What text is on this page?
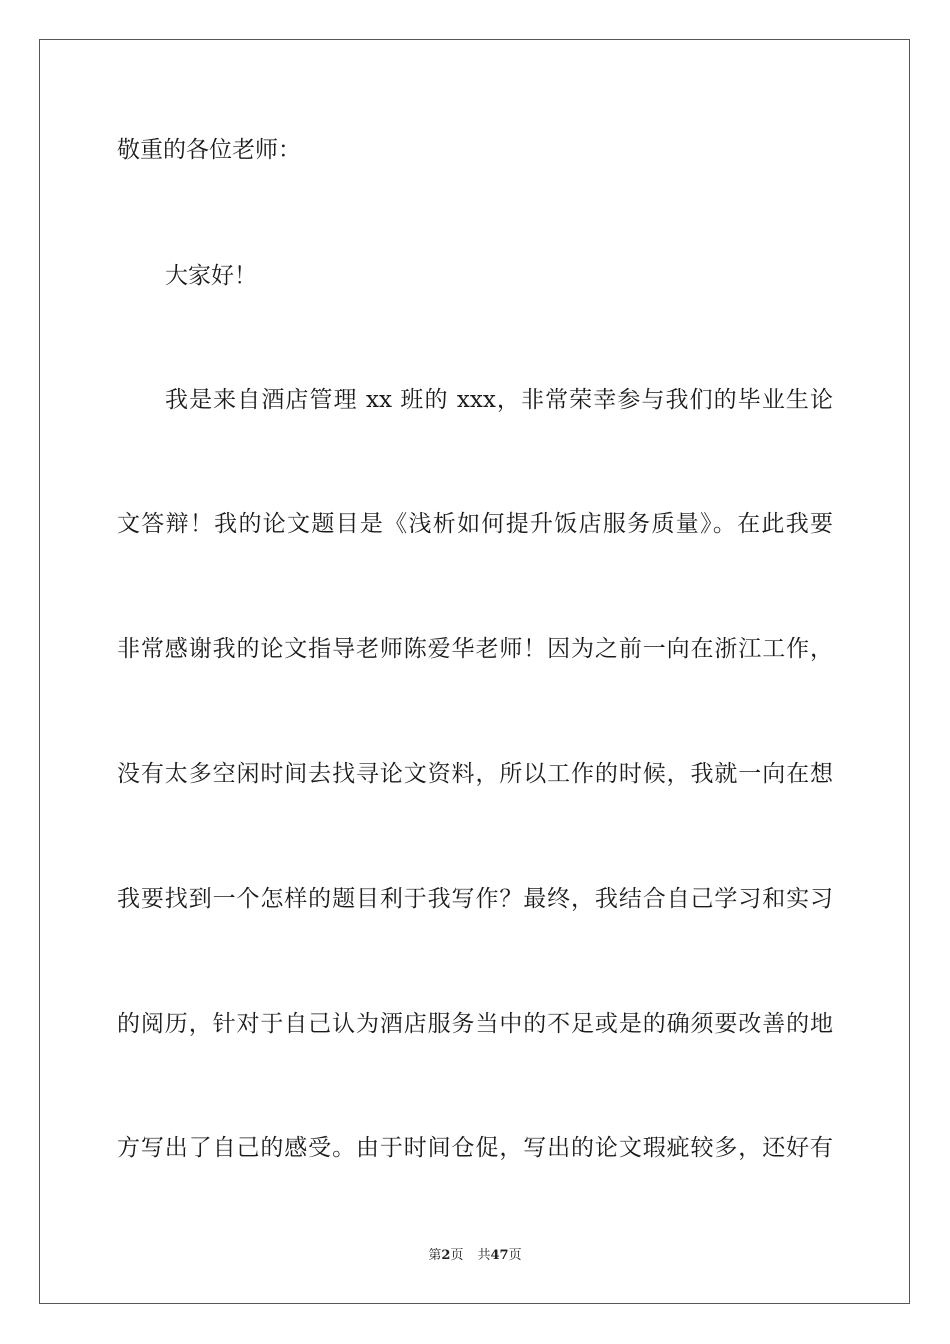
敬重的各位老师：
大家好！
我是来自酒店管理 xx 班的 xxx，非常荣幸参与我们的毕业生论
文答辩！我的论文题目是《浅析如何提升饭店服务质量》。在此我要
非常感谢我的论文指导老师陈爱华老师！因为之前一向在浙江工作，
没有太多空闲时间去找寻论文资料，所以工作的时候，我就一向在想
我要找到一个怎样的题目利于我写作？最终，我结合自己学习和实习
的阅历，针对于自己认为酒店服务当中的不足或是的确须要改善的地
方写出了自己的感受。由于时间仓促，写出的论文瑕疵较多，还好有
第2页 共47页
